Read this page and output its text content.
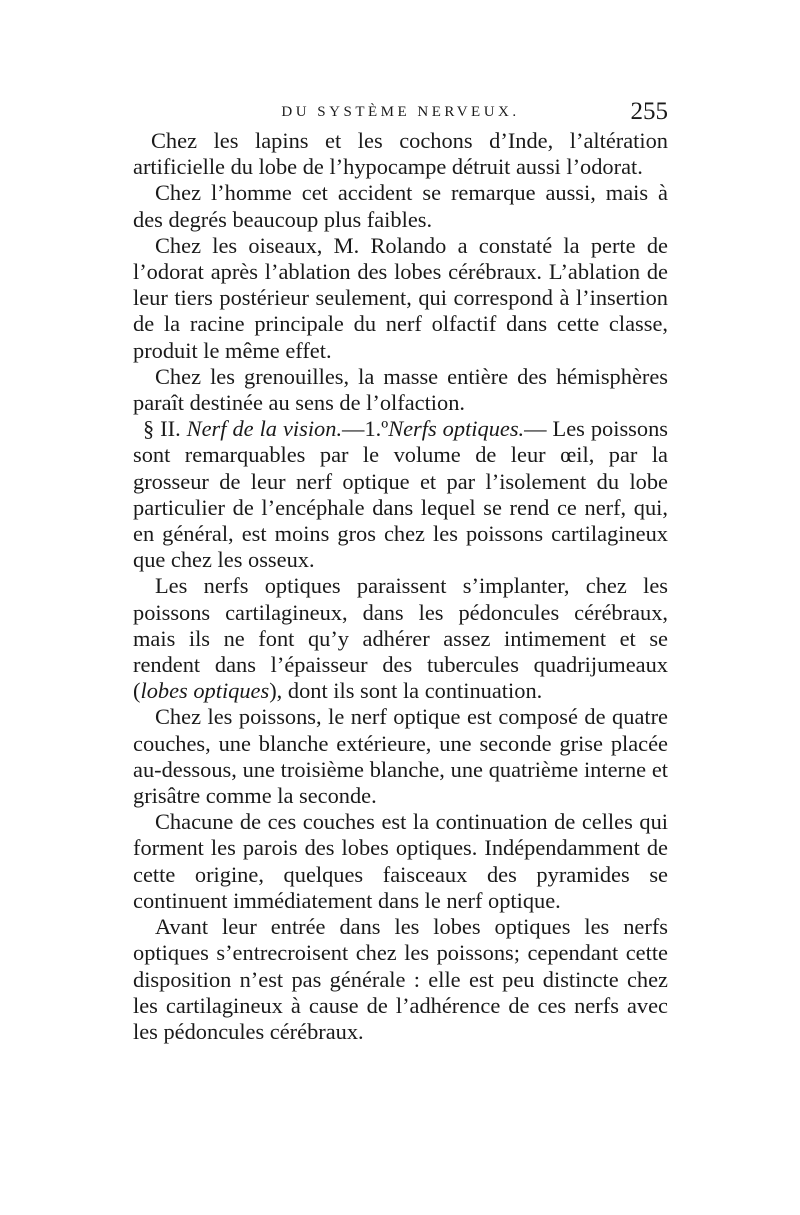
DU SYSTÈME NERVEUX.	255

Chez les lapins et les cochons d’Inde, l’altération artificielle du lobe de l’hypocampe détruit aussi l’odorat.

Chez l’homme cet accident se remarque aussi, mais à des degrés beaucoup plus faibles.

Chez les oiseaux, M. Rolando a constaté la perte de l’odorat après l’ablation des lobes cérébraux. L’ablation de leur tiers postérieur seulement, qui correspond à l’insertion de la racine principale du nerf olfactif dans cette classe, produit le même effet.

Chez les grenouilles, la masse entière des hémisphères paraît destinée au sens de l’olfaction.

§ II. Nerf de la vision.—1.ºNerfs optiques.— Les poissons sont remarquables par le volume de leur œil, par la grosseur de leur nerf optique et par l’isolement du lobe particulier de l’encéphale dans lequel se rend ce nerf, qui, en général, est moins gros chez les poissons cartilagineux que chez les osseux.

Les nerfs optiques paraissent s’implanter, chez les poissons cartilagineux, dans les pédoncules cérébraux, mais ils ne font qu’y adhérer assez intimement et se rendent dans l’épaisseur des tubercules quadrijumeaux (lobes optiques), dont ils sont la continuation.

Chez les poissons, le nerf optique est composé de quatre couches, une blanche extérieure, une seconde grise placée au-dessous, une troisième blanche, une quatrième interne et grisâtre comme la seconde.

Chacune de ces couches est la continuation de celles qui forment les parois des lobes optiques. Indépendamment de cette origine, quelques faisceaux des pyramides se continuent immédiatement dans le nerf optique.

Avant leur entrée dans les lobes optiques les nerfs optiques s’entrecroisent chez les poissons; cependant cette disposition n’est pas générale : elle est peu distincte chez les cartilagineux à cause de l’adhérence de ces nerfs avec les pédoncules cérébraux.
